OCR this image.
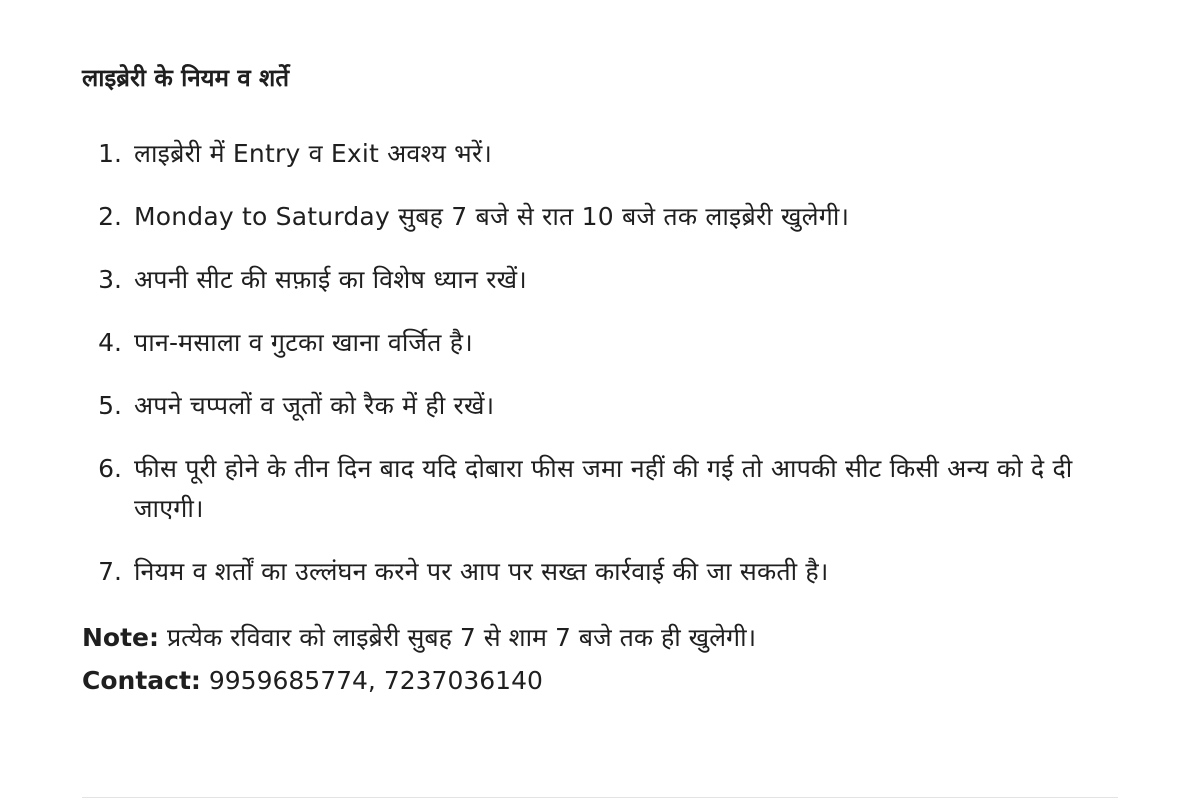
लाइब्रेरी के नियम व शर्ते
1. लाइब्रेरी में Entry व Exit अवश्य भरें।
2. Monday to Saturday सुबह 7 बजे से रात 10 बजे तक लाइब्रेरी खुलेगी।
3. अपनी सीट की सफ़ाई का विशेष ध्यान रखें।
4. पान-मसाला व गुटका खाना वर्जित है।
5. अपने चप्पलों व जूतों को रैक में ही रखें।
6. फीस पूरी होने के तीन दिन बाद यदि दोबारा फीस जमा नहीं की गई तो आपकी सीट किसी अन्य को दे दी जाएगी।
7. नियम व शर्तों का उल्लंघन करने पर आप पर सख्त कार्रवाई की जा सकती है।
Note: प्रत्येक रविवार को लाइब्रेरी सुबह 7 से शाम 7 बजे तक ही खुलेगी।
Contact: 9959685774, 7237036140
